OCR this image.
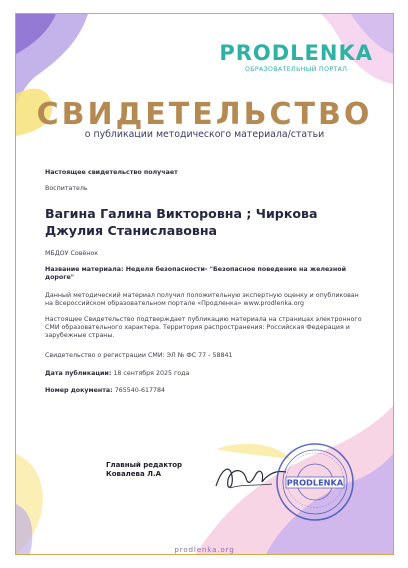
PRODLENKA
ОБРАЗОВАТЕЛЬНЫЙ ПОРТАЛ
СВИДЕТЕЛЬСТВО
о публикации методического материала/статьи
Настоящее свидетельство получает
Воспитатель
Вагина Галина Викторовна ; Чиркова Джулия Станиславовна
МБДОУ Совёнок
Название материала: Неделя безопасности- "Безопасное поведение на железной дороге"
Данный методический материал получил положительную экспертную оценку и опубликован на Всероссийском образовательном портале «Продленка» www.prodlenka.org
Настоящее Свидетельство подтверждает публикацию материала на страницах электронного СМИ образовательного характера. Территория распространения: Российская Федерация и зарубежные страны.
Свидетельство о регистрации СМИ: ЭЛ № ФС 77 - 58841
Дата публикации: 18 сентября 2025 года
Номер документа: 765540-617784
Главный редактор
Ковалева Л.А
PRODLENKA
prodlenka.org
